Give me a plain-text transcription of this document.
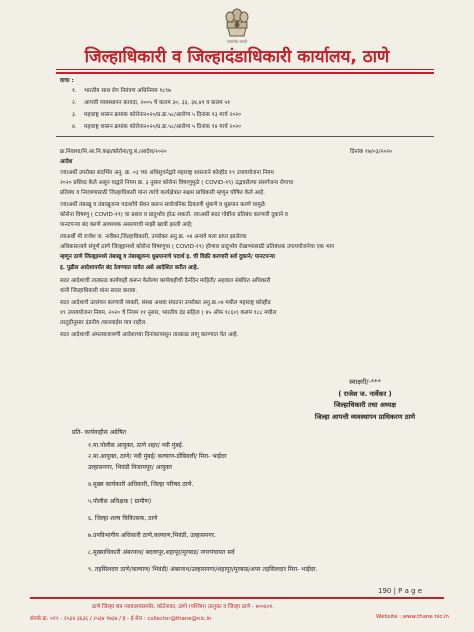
सत्यमेव जयते
जिल्हाधिकारी व जिल्हादंडाधिकारी कार्यालय, ठाणे
वाचा :
१. भारतीय साथ रोग नियंत्रण अधिनियम १८९७
२. आपत्ती व्यवस्थापन कायदा, २००५ चे कलम ३०, ३३, ३४,४१ व कलम ५१
३. महाराष्ट्र शासन क्रमांक कोरोना२०२०/प्र.क्र.५८/आरोग्य ५ दिनांक १३ मार्च २०२०
४. महाराष्ट्र शासन क्रमांक कोरोना२०२०/प्र.क्र.५८/आरोग्य ५ दिनांक १४ मार्च २०२०
क्र.निवाशा/नि.आ.नि.कक्ष/कोरोना/धु.बं./आदेश/२०२०	दिनांक १७/०३/२०२०
आदेश
ज्याअर्थी उपरोक्त संदर्भिय अनु. क्र. ०३ च्या अधिसुचनेद्वारे महाराष्ट्र शासनाने कोव्हीड १९ उपाययोजना नियम
२०२० प्रसिध्द केले असून याद्वारे नियम क्र. ३ नुसार कोरोना विषाणुमुळे ( COVID-१९) उद्भवलेल्या संसर्गजन्य रोगाचा
प्रतिबंध व नियंत्रणासाठी जिल्हाधिकारी यांना त्यांचे कार्यक्षेत्रात सक्षम प्राधिकारी म्हणून घोषित केले आहे.
ज्याअर्थी तंबाखू व तंबाखूजन्य पदार्थांचे सेवन करून सार्वजनिक ठिकाणी थुंकणे व धुम्रपान करणे यामुळे
कोरोना विषाणू ( COVID-१९) चा प्रसार व प्रादुर्भाव होऊ शकतो. त्याअर्थी सदर गोष्टींना प्रतिबंध करणारी दुकाने व
पानटपऱ्या बंद करणे आवश्यक असल्याची माझी खात्री झाली आहे;
त्याअर्थी मी राजेश ज. नार्वेकर,जिल्हाधिकारी, उपरोक्त अनु.क्र. ०४ अन्वये मला प्राप्त झालेल्या
अधिकारान्वये संपूर्ण ठाणे जिल्ह्यामध्ये कोरोना विषाणूचा ( COVID-१९) होणारा प्रादुर्भाव रोखण्यासाठी प्रतिबंधक उपाययोजनेचा एक भाग
म्हणून ठाणे जिल्ह्यामध्ये तंबाखू व तंबाखूजन्य धुम्रपानाचे पदार्थ इ. ची विक्री करणारी सर्व दुकाने/ पानटपऱ्या
इ. पुढील आदेशापर्यंत बंद ठेवण्यात यावेत असे आदेशित करीत आहे.
सदर आदेशाची तात्काळ कार्यवाही करून केलेल्या कार्यवाहीची दैनंदिन माहिती/ अहवाल संबंधित अधिकारी
यांनी जिल्हाधिकारी यांना सादर करावा.
सदर आदेशाचे उल्लंघन करणारी व्यक्ती, संस्था अथवा संघटना उपरोक्त अनु.क्र.०४ मधील महाराष्ट्र कोव्हीड
१९ उपाययोजना नियम, २०२० चे नियम ११ नुसार, भारतीय दंड संहिता ( ४५ ऑफ १८६०) कलम १८८ मधील
तरतुदीनुसार दंडनीय /कारवाईस पात्र राहील.
सदर आदेशाची अंमलबजावणी आदेशाच्या दिनांकापासून तात्काळ लागू करण्यात येत आहे.
स्वाक्षरी/-***
( राजेश ज. नार्वेकर )
जिल्हाधिकारी तथा अध्यक्ष
जिल्हा आपत्ती व्यवस्थापन प्राधिकरण ठाणे
प्रति- कार्यवाहीस अग्रेषित
१.मा.पोलीस आयुक्त, ठाणे शहर/ नवी मुंबई.
२.मा.आयुक्त, ठाणे/ नवी मुंबई/ कल्याण-डोंबिवली/ मिरा- भाईंदर
उल्हासनगर, भिवंडी निजामपूर/ आयुक्त
४.मुख्य कार्यकारी अधिकारी, जिल्हा परिषद ठाणे.
५.पोलीस अधिक्षक ( ग्रामीण)
६. जिल्हा शल्य चिकित्सक, ठाणे
७.उपविभागीय अधिकारी ठाणे,कल्याण,भिवंडी, उल्हासनगर.
८.मुख्याधिकारी अंबरनाथ/ बदलापूर,शहापूर/मुरबाड/ नगरपंचायत सर्व
९. तहसिलदार ठाणे/कल्याण/ भिवंडी/ अंबरनाथ/उल्हासनगर/शहापूर/मुरबाड/अपर तहसिलदार मिरा- भाईंदर.
190 | P a g e
ठाणे जिल्हा सत्र न्यायालयासमोर, कोर्टनाका, ठाणे (पश्चिम) तालुका व जिल्हा ठाणे - ४००६०१.
संपर्क क्र. ०२२ - २५३४ ३६३६ / २५३४ १७३७ / इ - ई-मेल : collector@thane@nic.in	Website : www.thane.nic.in
